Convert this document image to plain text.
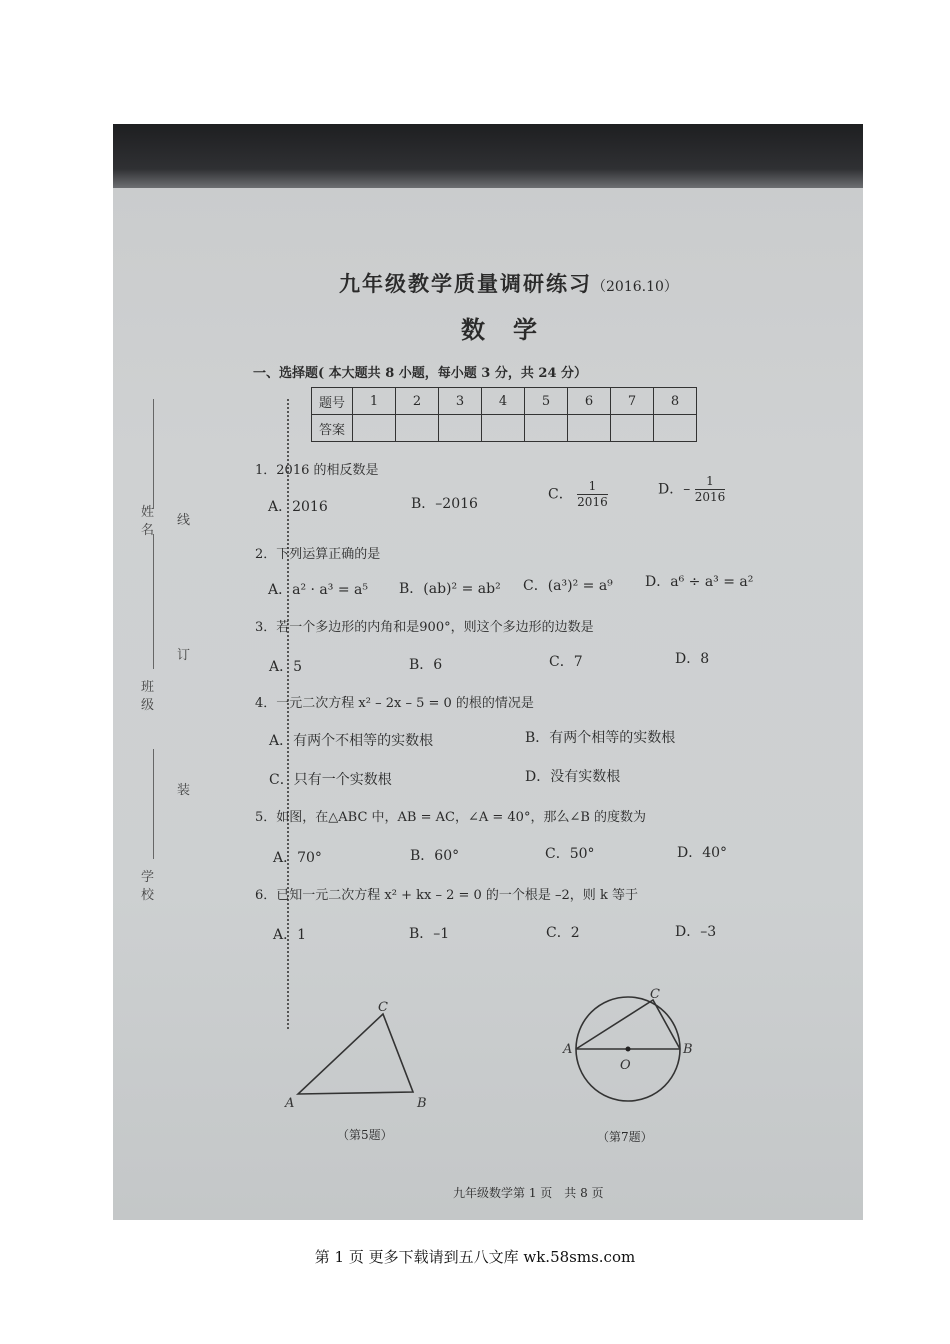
九年级教学质量调研练习（2016.10）
数学
一、选择题( 本大题共 8 小题，每小题 3 分，共 24 分）
题号	1	2	3	4	5	6	7	8
答案								
姓名
班级
学校
线
订
装
1．2016 的相反数是
A．2016	B．–2016
C． $\frac{1}{2016}$	D．– $\frac{1}{2016}$
2．下列运算正确的是
A．a² · a³ = a⁵ B．(ab)² = ab² C．(a³)² = a⁹ D．a⁶ ÷ a³ = a²
3．若一个多边形的内角和是900°，则这个多边形的边数是
A．5	B．6	C．7	D．8
4．一元二次方程 x² – 2x – 5 = 0 的根的情况是
A．有两个不相等的实数根	B．有两个相等的实数根
C．只有一个实数根	D．没有实数根
5．如图，在△ABC 中，AB = AC，∠A = 40°，那么∠B 的度数为
A．70°	B．60°	C．50°	D．40°
6．已知一元二次方程 x² + kx – 2 = 0 的一个根是 –2，则 k 等于
A．1	B．–1	C．2	D．–3
A	B
C
A	B
C
O
（第5题）	（第7题）
九年级数学第 1 页　共 8 页
第 1 页 更多下载请到五八文库 wk.58sms.com
